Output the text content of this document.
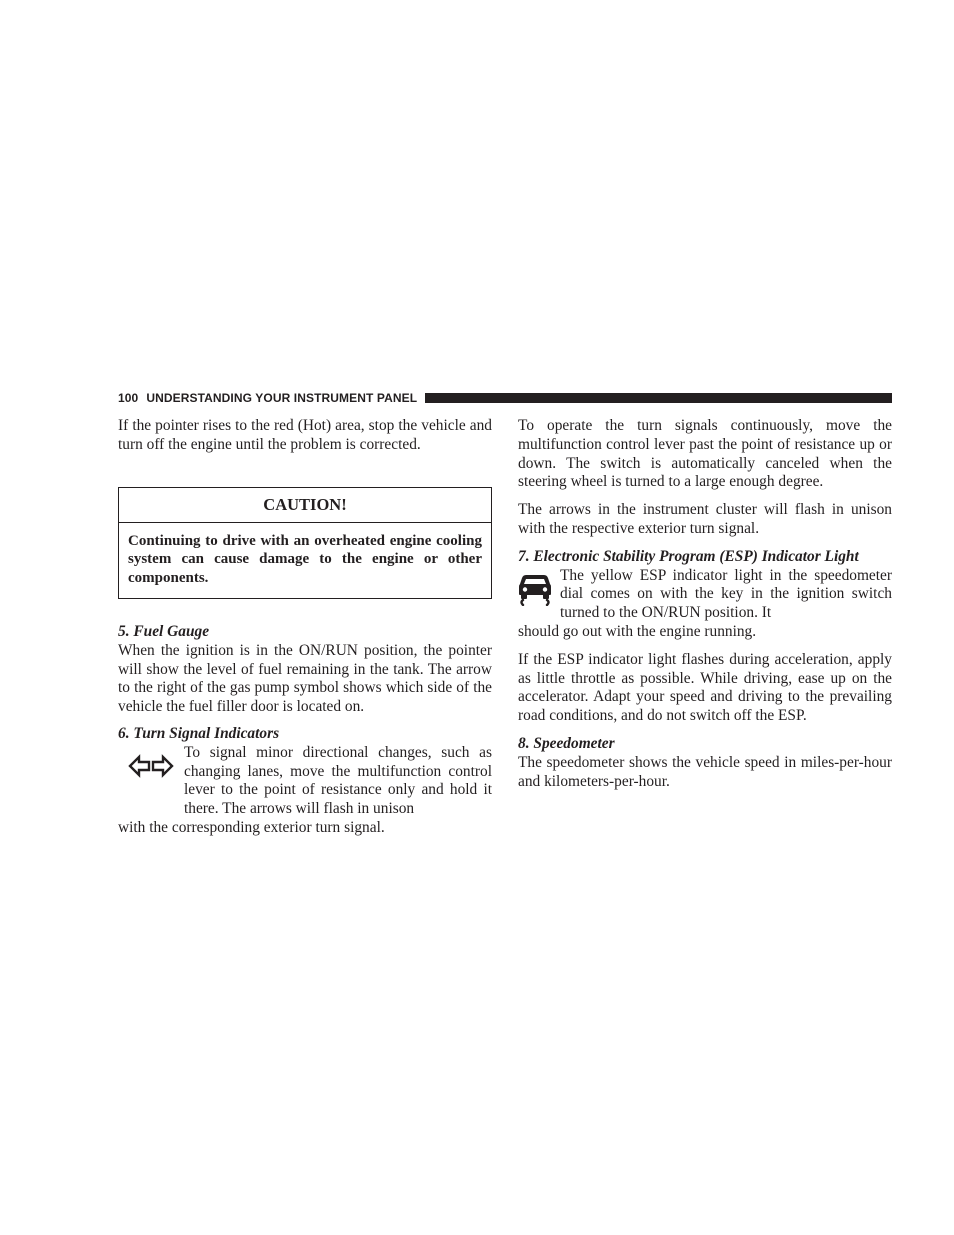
100 UNDERSTANDING YOUR INSTRUMENT PANEL

If the pointer rises to the red (Hot) area, stop the vehicle and turn off the engine until the problem is corrected.

CAUTION!
Continuing to drive with an overheated engine cooling system can cause damage to the engine or other components.

5. Fuel Gauge

When the ignition is in the ON/RUN position, the pointer will show the level of fuel remaining in the tank. The arrow to the right of the gas pump symbol shows which side of the vehicle the fuel filler door is located on.

6. Turn Signal Indicators

To signal minor directional changes, such as changing lanes, move the multifunction control lever to the point of resistance only and hold it there. The arrows will flash in unison

with the corresponding exterior turn signal.

To operate the turn signals continuously, move the multifunction control lever past the point of resistance up or down. The switch is automatically canceled when the steering wheel is turned to a large enough degree.

The arrows in the instrument cluster will flash in unison with the respective exterior turn signal.

7. Electronic Stability Program (ESP) Indicator Light

The yellow ESP indicator light in the speedometer dial comes on with the key in the ignition switch turned to the ON/RUN position. It

should go out with the engine running.

If the ESP indicator light flashes during acceleration, apply as little throttle as possible. While driving, ease up on the accelerator. Adapt your speed and driving to the prevailing road conditions, and do not switch off the ESP.

8. Speedometer

The speedometer shows the vehicle speed in miles-per-hour and kilometers-per-hour.
